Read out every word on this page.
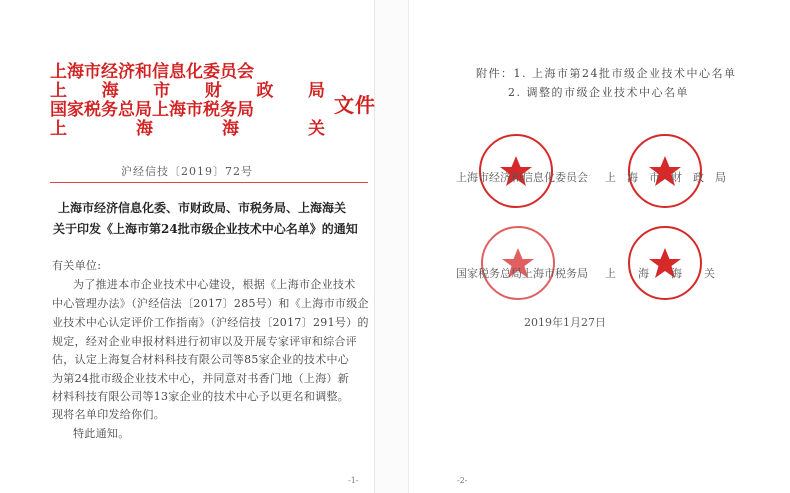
上海市经济和信息化委员会
上 海 市 财 政 局
国家税务总局上海市税务局
上	海	海	关
文件
沪经信技〔2019〕72号
上海市经济信息化委、市财政局、市税务局、上海海关
关于印发《上海市第24批市级企业技术中心名单》的通知
有关单位:
为了推进本市企业技术中心建设，根据《上海市企业技术
中心管理办法》（沪经信法〔2017〕285号）和《上海市市级企
业技术中心认定评价工作指南》（沪经信技〔2017〕291号）的
规定，经对企业申报材料进行初审以及开展专家评审和综合评
估，认定上海复合材料科技有限公司等85家企业的技术中心
为第24批市级企业技术中心，并同意对书香门地（上海）新
材料科技有限公司等13家企业的技术中心予以更名和调整。
现将名单印发给你们。
特此通知。
-1-
附件：1. 上海市第24批市级企业技术中心名单
2. 调整的市级企业技术中心名单
上海市经济和信息化委员会 上　海　市　财　政　局
国家税务总局上海市税务局 上　　海　　海　　关
2019年1月27日
-2-
